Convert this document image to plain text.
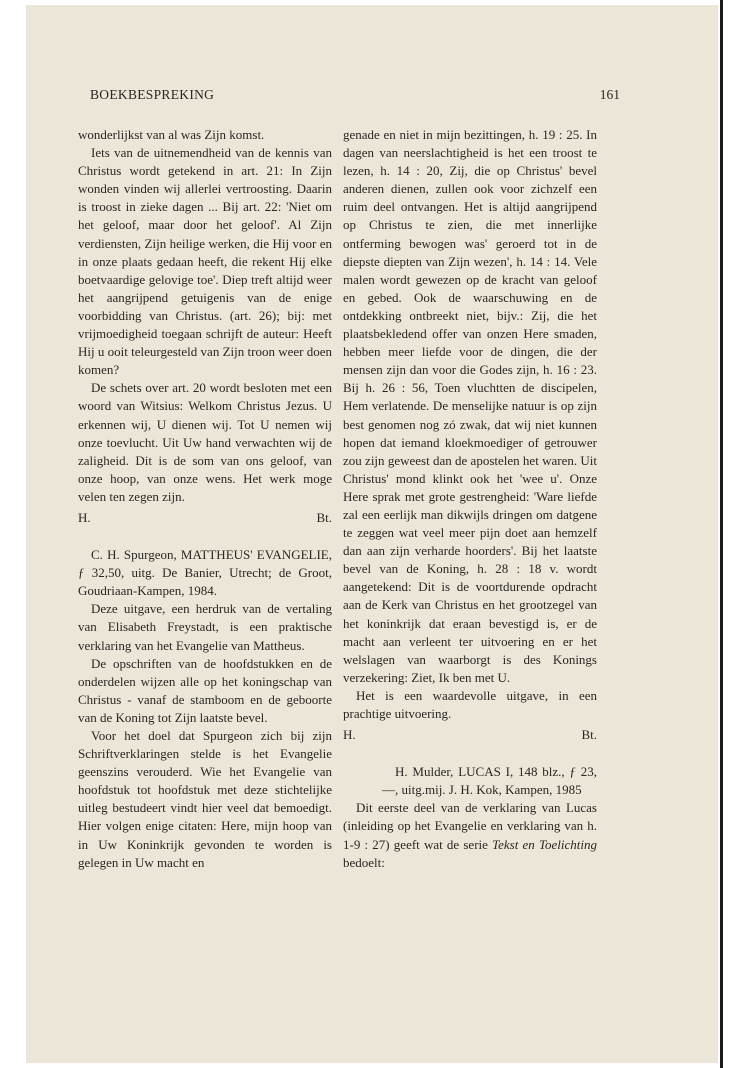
BOEKBESPREKING	161

wonderlijkst van al was Zijn komst.

Iets van de uitnemendheid van de kennis van Christus wordt getekend in art. 21: In Zijn wonden vinden wij allerlei vertroosting. Daarin is troost in zieke dagen ... Bij art. 22: 'Niet om het geloof, maar door het geloof'. Al Zijn verdiensten, Zijn heilige werken, die Hij voor en in onze plaats gedaan heeft, die rekent Hij elke boetvaardige gelovige toe'. Diep treft altijd weer het aangrijpend getuigenis van de enige voorbidding van Christus. (art. 26); bij: met vrijmoedigheid toegaan schrijft de auteur: Heeft Hij u ooit teleurgesteld van Zijn troon weer doen komen?

De schets over art. 20 wordt besloten met een woord van Witsius: Welkom Christus Jezus. U erkennen wij, U dienen wij. Tot U nemen wij onze toevlucht. Uit Uw hand verwachten wij de zaligheid. Dit is de som van ons geloof, van onze hoop, van onze wens. Het werk moge velen ten zegen zijn.

H.	Bt.

C. H. Spurgeon, MATTHEUS' EVANGELIE, ƒ 32,50, uitg. De Banier, Utrecht; de Groot, Goudriaan-Kampen, 1984.

Deze uitgave, een herdruk van de vertaling van Elisabeth Freystadt, is een praktische verklaring van het Evangelie van Mattheus.

De opschriften van de hoofdstukken en de onderdelen wijzen alle op het koningschap van Christus - vanaf de stamboom en de geboorte van de Koning tot Zijn laatste bevel.

Voor het doel dat Spurgeon zich bij zijn Schriftverklaringen stelde is het Evangelie geenszins verouderd. Wie het Evangelie van hoofdstuk tot hoofdstuk met deze stichtelijke uitleg bestudeert vindt hier veel dat bemoedigt. Hier volgen enige citaten: Here, mijn hoop van in Uw Koninkrijk gevonden te worden is gelegen in Uw macht en

genade en niet in mijn bezittingen, h. 19 : 25. In dagen van neerslachtigheid is het een troost te lezen, h. 14 : 20, Zij, die op Christus' bevel anderen dienen, zullen ook voor zichzelf een ruim deel ontvangen. Het is altijd aangrijpend op Christus te zien, die met innerlijke ontferming bewogen was' geroerd tot in de diepste diepten van Zijn wezen', h. 14 : 14. Vele malen wordt gewezen op de kracht van geloof en gebed. Ook de waarschuwing en de ontdekking ontbreekt niet, bijv.: Zij, die het plaatsbekledend offer van onzen Here smaden, hebben meer liefde voor de dingen, die der mensen zijn dan voor die Godes zijn, h. 16 : 23. Bij h. 26 : 56, Toen vluchtten de discipelen, Hem verlatende. De menselijke natuur is op zijn best genomen nog zó zwak, dat wij niet kunnen hopen dat iemand kloekmoediger of getrouwer zou zijn geweest dan de apostelen het waren. Uit Christus' mond klinkt ook het 'wee u'. Onze Here sprak met grote gestrengheid: 'Ware liefde zal een eerlijk man dikwijls dringen om datgene te zeggen wat veel meer pijn doet aan hemzelf dan aan zijn verharde hoorders'. Bij het laatste bevel van de Koning, h. 28 : 18 v. wordt aangetekend: Dit is de voortdurende opdracht aan de Kerk van Christus en het grootzegel van het koninkrijk dat eraan bevestigd is, er de macht aan verleent ter uitvoering en er het welslagen van waarborgt is des Konings verzekering: Ziet, Ik ben met U.

Het is een waardevolle uitgave, in een prachtige uitvoering.

H.	Bt.

H. Mulder, LUCAS I, 148 blz., ƒ 23,—, uitg.mij. J. H. Kok, Kampen, 1985

Dit eerste deel van de verklaring van Lucas (inleiding op het Evangelie en verklaring van h. 1-9 : 27) geeft wat de serie Tekst en Toelichting bedoelt:
